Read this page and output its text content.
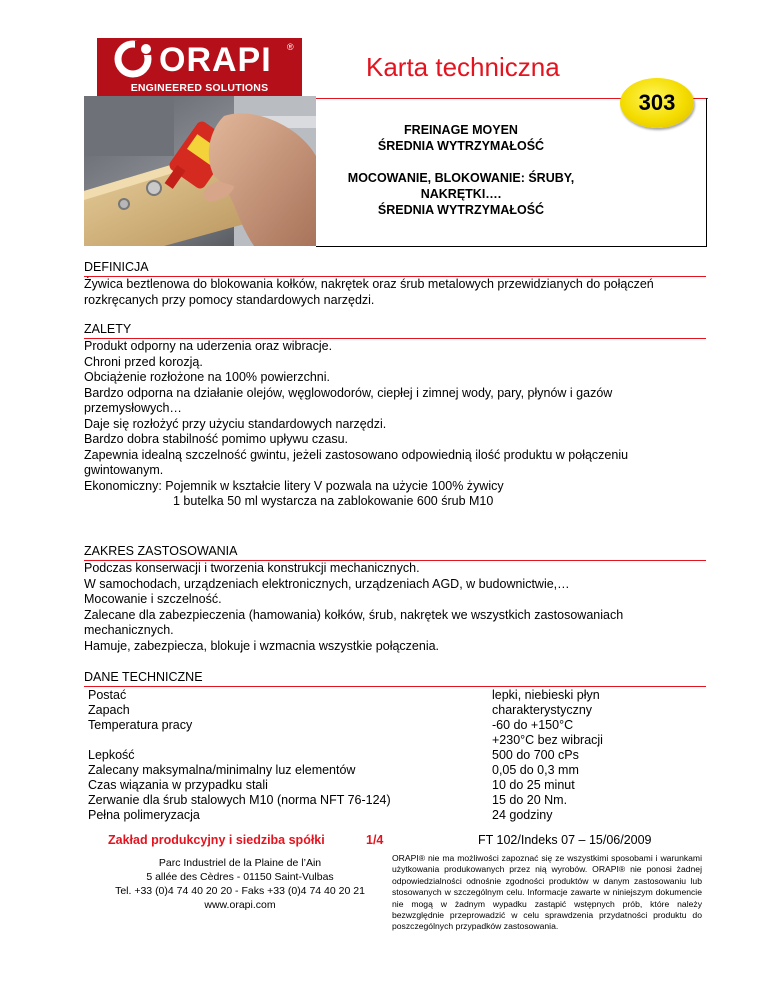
ORAPI ®
ENGINEERED SOLUTIONS
Karta techniczna
303
FREINAGE MOYEN
ŚREDNIA WYTRZYMAŁOŚĆ
MOCOWANIE, BLOKOWANIE: ŚRUBY,
NAKRĘTKI….
ŚREDNIA WYTRZYMAŁOŚĆ
DEFINICJA
Żywica beztlenowa do blokowania kołków, nakrętek oraz śrub metalowych przewidzianych do połączeń
rozkręcanych przy pomocy standardowych narzędzi.
ZALETY
Produkt odporny na uderzenia oraz wibracje.
Chroni przed korozją.
Obciążenie rozłożone na 100% powierzchni.
Bardzo odporna na działanie olejów, węglowodorów, ciepłej i zimnej wody, pary, płynów i gazów
przemysłowych…
Daje się rozłożyć przy użyciu standardowych narzędzi.
Bardzo dobra stabilność pomimo upływu czasu.
Zapewnia idealną szczelność gwintu, jeżeli zastosowano odpowiednią ilość produktu w połączeniu
gwintowanym.
Ekonomiczny: Pojemnik w kształcie litery V pozwala na użycie 100% żywicy
1 butelka 50 ml wystarcza na zablokowanie 600 śrub M10
ZAKRES ZASTOSOWANIA
Podczas konserwacji i tworzenia konstrukcji mechanicznych.
W samochodach, urządzeniach elektronicznych, urządzeniach AGD, w budownictwie,…
Mocowanie i szczelność.
Zalecane dla zabezpieczenia (hamowania) kołków, śrub, nakrętek we wszystkich zastosowaniach
mechanicznych.
Hamuje, zabezpiecza, blokuje i wzmacnia wszystkie połączenia.
DANE TECHNICZNE
Postać
Zapach
Temperatura pracy
Lepkość
Zalecany maksymalna/minimalny luz elementów
Czas wiązania w przypadku stali
Zerwanie dla śrub stalowych M10 (norma NFT 76-124)
Pełna polimeryzacja
lepki, niebieski płyn
charakterystyczny
-60 do +150°C
+230°C bez wibracji
500 do 700 cPs
0,05 do 0,3 mm
10 do 25 minut
15 do 20 Nm.
24 godziny
Zakład produkcyjny i siedziba spółki	1/4	FT 102/Indeks 07 – 15/06/2009
Parc Industriel de la Plaine de l’Ain
5 allée des Cèdres - 01150 Saint-Vulbas
Tel. +33 (0)4 74 40 20 20 - Faks +33 (0)4 74 40 20 21
www.orapi.com
ORAPI® nie ma możliwości zapoznać się ze wszystkimi sposobami i warunkami użytkowania produkowanych przez nią wyrobów. ORAPI® nie ponosi żadnej odpowiedzialności odnośnie zgodności produktów w danym zastosowaniu lub stosowanych w szczególnym celu. Informacje zawarte w niniejszym dokumencie nie mogą w żadnym wypadku zastąpić wstępnych prób, które należy bezwzględnie przeprowadzić w celu sprawdzenia przydatności produktu do poszczególnych przypadków zastosowania.
